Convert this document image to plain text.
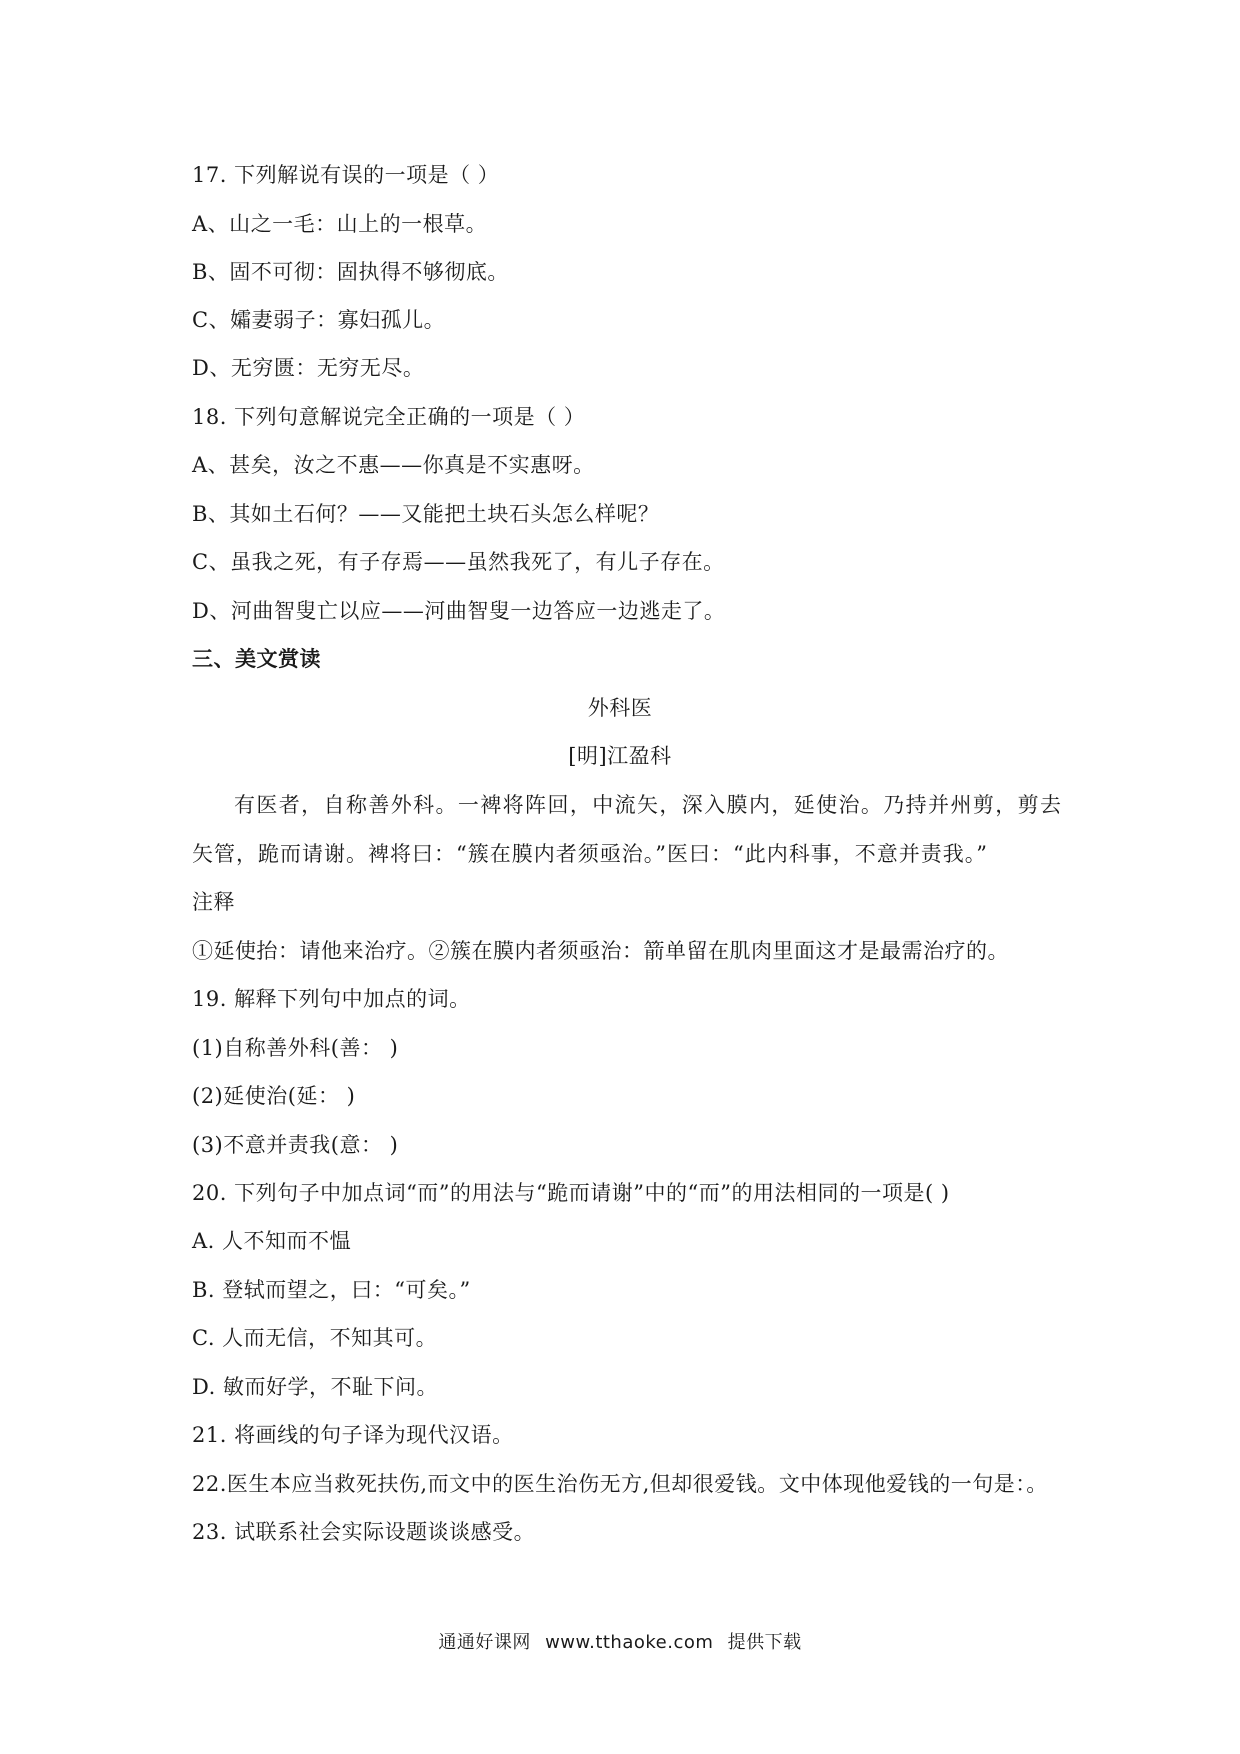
17. 下列解说有误的一项是（ ）
A、山之一毛：山上的一根草。
B、固不可彻：固执得不够彻底。
C、孀妻弱子：寡妇孤儿。
D、无穷匮：无穷无尽。
18. 下列句意解说完全正确的一项是（ ）
A、甚矣，汝之不惠——你真是不实惠呀。
B、其如土石何？——又能把土块石头怎么样呢？
C、虽我之死，有子存焉——虽然我死了，有儿子存在。
D、河曲智叟亡以应——河曲智叟一边答应一边逃走了。
三、美文赏读
外科医
[明]江盈科
有医者，自称善外科。一裨将阵回，中流矢，深入膜内，延使治。乃持并州剪，剪去矢管，跪而请谢。裨将曰：“簇在膜内者须亟治。”医曰：“此内科事，不意并责我。”
注释
①延使抬：请他来治疗。②簇在膜内者须亟治：箭单留在肌肉里面这才是最需治疗的。
19. 解释下列句中加点的词。
(1)自称善外科(善： )
(2)延使治(延： )
(3)不意并责我(意： )
20. 下列句子中加点词“而”的用法与“跪而请谢”中的“而”的用法相同的一项是( )
A. 人不知而不愠
B. 登轼而望之，曰：“可矣。”
C. 人而无信，不知其可。
D. 敏而好学，不耻下问。
21. 将画线的句子译为现代汉语。
22.医生本应当救死扶伤,而文中的医生治伤无方,但却很爱钱。文中体现他爱钱的一句是：。
23. 试联系社会实际设题谈谈感受。
通通好课网 www.tthaoke.com 提供下载
